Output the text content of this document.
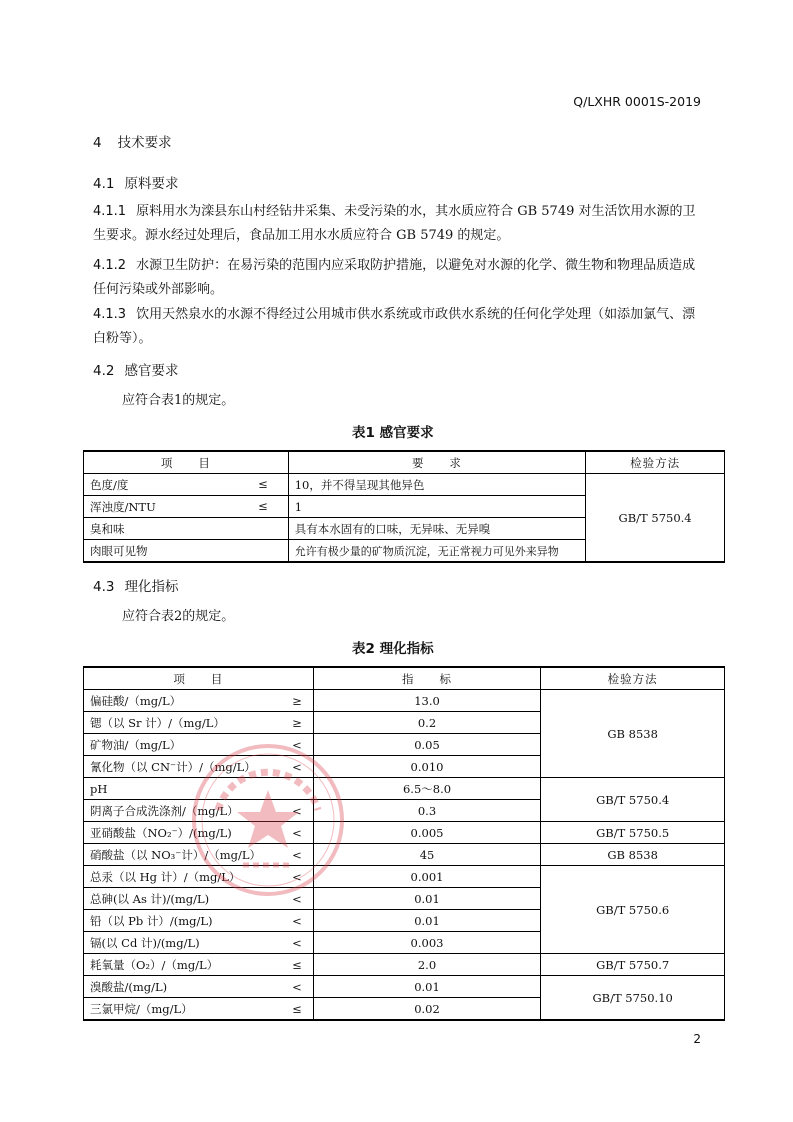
Q/LXHR 0001S-2019
4 技术要求
4.1 原料要求
4.1.1 原料用水为滦县东山村经钻井采集、未受污染的水，其水质应符合 GB 5749 对生活饮用水源的卫生要求。源水经过处理后，食品加工用水水质应符合 GB 5749 的规定。
4.1.2 水源卫生防护：在易污染的范围内应采取防护措施，以避免对水源的化学、微生物和物理品质造成任何污染或外部影响。
4.1.3 饮用天然泉水的水源不得经过公用城市供水系统或市政供水系统的任何化学处理（如添加氯气、漂白粉等）。
4.2 感官要求
应符合表1的规定。
表1 感官要求
项　　目	要　　求	检验方法

色度/度 ≤	10，并不得呈现其他异色	GB/T 5750.4

浑浊度/NTU ≤	1	

臭和味	具有本水固有的口味，无异味、无异嗅	

肉眼可见物	允许有极少量的矿物质沉淀，无正常视力可见外来异物	
4.3 理化指标
应符合表2的规定。
表2 理化指标
项　　目		指　　标	检验方法
偏硅酸/（mg/L）	≥	13.0	GB 8538
锶（以 Sr 计）/（mg/L）	≥	0.2	
矿物油/（mg/L）	<	0.05	
氰化物（以 CN⁻计）/（mg/L）	<	0.010	
pH		6.5～8.0	GB/T 5750.4
阴离子合成洗涤剂/（mg/L）	<	0.3	
亚硝酸盐（NO₂⁻）/(mg/L)	<	0.005	GB/T 5750.5
硝酸盐（以 NO₃⁻计）/（mg/L）	<	45	GB 8538
总汞（以 Hg 计）/（mg/L）	<	0.001	GB/T 5750.6
总砷(以 As 计)/(mg/L)	<	0.01	
铅（以 Pb 计）/(mg/L)	<	0.01	
镉(以 Cd 计)/(mg/L)	<	0.003	
耗氧量（O₂）/（mg/L）	≤	2.0	GB/T 5750.7
溴酸盐/(mg/L)	<	0.01	GB/T 5750.10
三氯甲烷/（mg/L）	≤	0.02	
2
